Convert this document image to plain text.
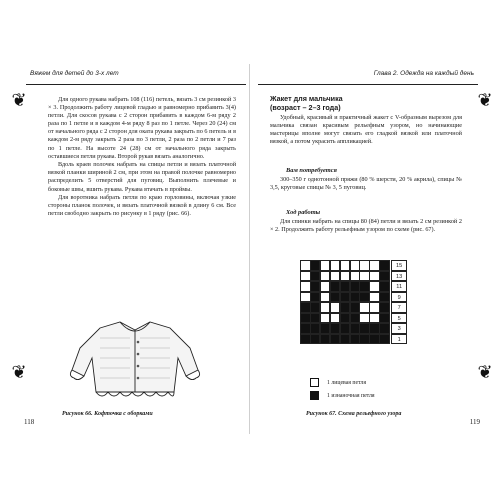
Вяжем для детей до 3-х лет
❦
❦

Для одного рукава набрать 108 (116) петель, вязать 3 см резинкой 3 × 3. Продолжить работу лицевой гладью и равномерно прибавить 3(4) петли. Для скосов рукава с 2 сторон прибавить в каждом 6-м ряду 2 раза по 1 петле и в каждом 4-м ряду 8 раз по 1 петле. Через 20 (24) см от начального ряда с 2 сторон для оката рукава закрыть по 6 петель и в каждом 2-м ряду закрыть 2 раза по 3 петли, 2 раза по 2 петли и 7 раз по 1 петле. На высоте 24 (28) см от начального ряда закрыть оставшиеся петли рукава. Второй рукав вязать аналогично.

Вдоль краев полочек набрать на спицы петли и вязать платочной вязкой планки шириной 2 см, при этом на правой полочке равномерно распределить 5 отверстий для пуговиц. Выполнить плечевые и боковые швы, вшить рукава. Рукава втачать в проймы.

Для воротника набрать петли по краю горловины, включая узкие стороны планок полочек, и вязать платочной вязкой в длину 6 см. Все петли свободно закрыть по рисунку в 1 ряду (рис. 66).

Рисунок 66. Кофточка с оборками
118
Глава 2. Одежда на каждый день
❦
❦
Жакет для мальчика
(возраст – 2–3 года)

Удобный, красивый и практичный жакет с V-образным вырезом для мальчика связан красивым рельефным узором, но начинающие мастерицы вполне могут связать его гладкой вязкой или платочной вязкой, а потом украсить аппликацией.

Вам потребуется

300–350 г однотонной пряжи (80 % шерсти, 20 % акрила), спицы № 3,5, круговые спицы № 3, 5 пуговиц.

Ход работы

Для спинки набрать на спицы 80 (84) петли и вязать 2 см резинкой 2 × 2. Продолжить работу рельефным узором по схеме (рис. 67).

15
13
11
9
7
5
3
1
1 лицевая петля
1 изнаночная петля
Рисунок 67. Схема рельефного узора
119
